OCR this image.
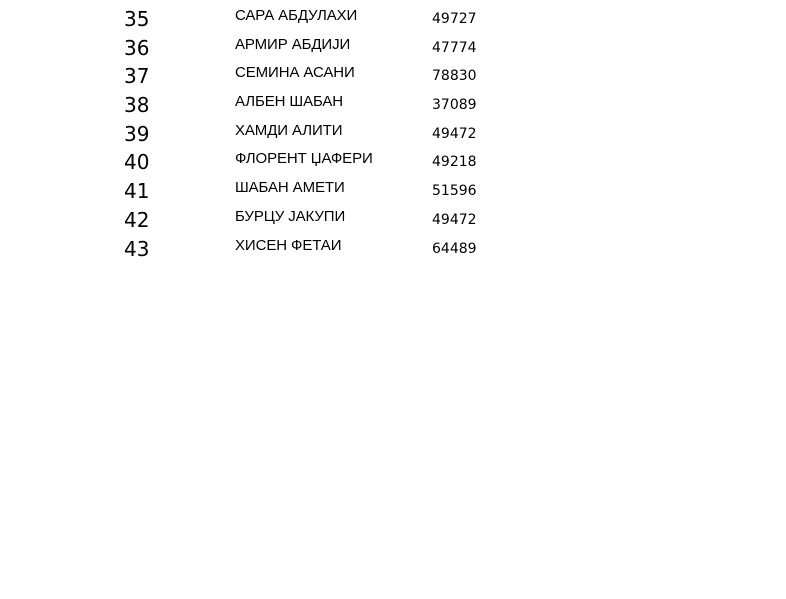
35	САРА АБДУЛАХИ	49727
36	АРМИР АБДИЈИ	47774
37	СЕМИНА АСАНИ	78830
38	АЛБЕН ШАБАН	37089
39	ХАМДИ АЛИТИ	49472
40	ФЛОРЕНТ ЏАФЕРИ	49218
41	ШАБАН АМЕТИ	51596
42	БУРЦУ ЈАКУПИ	49472
43	ХИСЕН ФЕТАИ	64489
